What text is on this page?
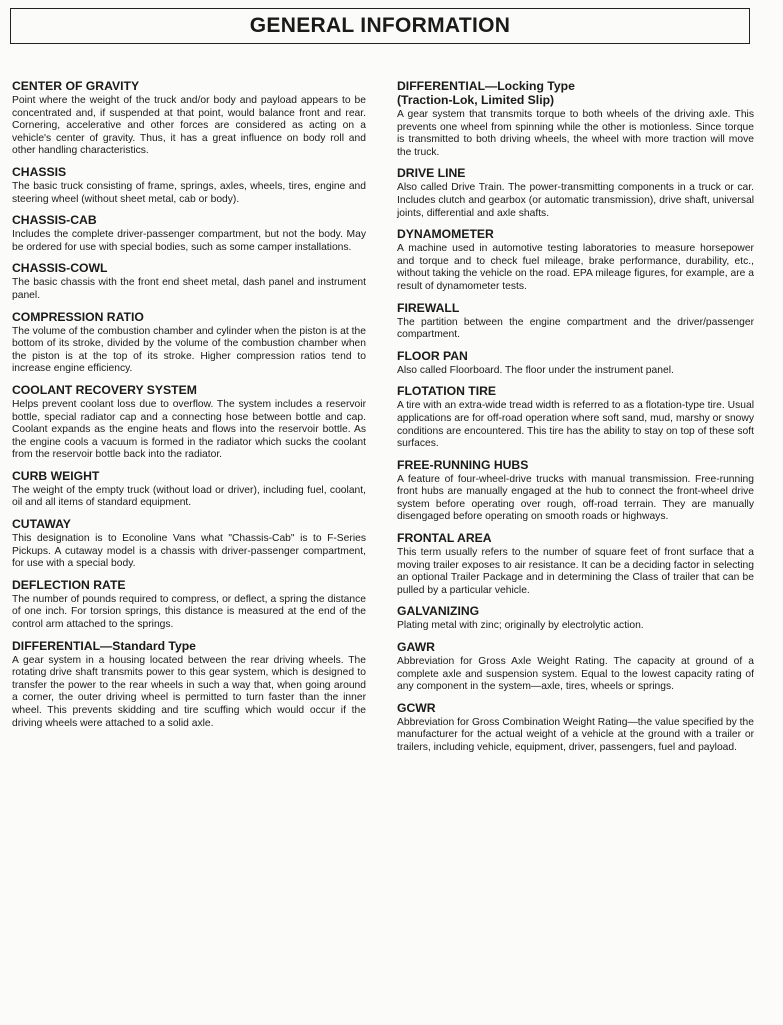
GENERAL INFORMATION
CENTER OF GRAVITY

Point where the weight of the truck and/or body and payload appears to be concentrated and, if suspended at that point, would balance front and rear. Cornering, accelerative and other forces are considered as acting on a vehicle's center of gravity. Thus, it has a great influence on body roll and other handling characteristics.

CHASSIS

The basic truck consisting of frame, springs, axles, wheels, tires, engine and steering wheel (without sheet metal, cab or body).

CHASSIS-CAB

Includes the complete driver-passenger compartment, but not the body. May be ordered for use with special bodies, such as some camper installations.

CHASSIS-COWL

The basic chassis with the front end sheet metal, dash panel and instrument panel.

COMPRESSION RATIO

The volume of the combustion chamber and cylinder when the piston is at the bottom of its stroke, divided by the volume of the combustion chamber when the piston is at the top of its stroke. Higher compression ratios tend to increase engine efficiency.

COOLANT RECOVERY SYSTEM

Helps prevent coolant loss due to overflow. The system includes a reservoir bottle, special radiator cap and a connecting hose between bottle and cap. Coolant expands as the engine heats and flows into the reservoir bottle. As the engine cools a vacuum is formed in the radiator which sucks the coolant from the reservoir bottle back into the radiator.

CURB WEIGHT

The weight of the empty truck (without load or driver), including fuel, coolant, oil and all items of standard equipment.

CUTAWAY

This designation is to Econoline Vans what "Chassis-Cab" is to F-Series Pickups. A cutaway model is a chassis with driver-passenger compartment, for use with a special body.

DEFLECTION RATE

The number of pounds required to compress, or deflect, a spring the distance of one inch. For torsion springs, this distance is measured at the end of the control arm attached to the springs.

DIFFERENTIAL—Standard Type

A gear system in a housing located between the rear driving wheels. The rotating drive shaft transmits power to this gear system, which is designed to transfer the power to the rear wheels in such a way that, when going around a corner, the outer driving wheel is permitted to turn faster than the inner wheel. This prevents skidding and tire scuffing which would occur if the driving wheels were attached to a solid axle.

DIFFERENTIAL—Locking Type
(Traction-Lok, Limited Slip)

A gear system that transmits torque to both wheels of the driving axle. This prevents one wheel from spinning while the other is motionless. Since torque is transmitted to both driving wheels, the wheel with more traction will move the truck.

DRIVE LINE

Also called Drive Train. The power-transmitting components in a truck or car. Includes clutch and gearbox (or automatic transmission), drive shaft, universal joints, differential and axle shafts.

DYNAMOMETER

A machine used in automotive testing laboratories to measure horsepower and torque and to check fuel mileage, brake performance, durability, etc., without taking the vehicle on the road. EPA mileage figures, for example, are a result of dynamometer tests.

FIREWALL

The partition between the engine compartment and the driver/passenger compartment.

FLOOR PAN

Also called Floorboard. The floor under the instrument panel.

FLOTATION TIRE

A tire with an extra-wide tread width is referred to as a flotation-type tire. Usual applications are for off-road operation where soft sand, mud, marshy or snowy conditions are encountered. This tire has the ability to stay on top of these soft surfaces.

FREE-RUNNING HUBS

A feature of four-wheel-drive trucks with manual transmission. Free-running front hubs are manually engaged at the hub to connect the front-wheel drive system before operating over rough, off-road terrain. They are manually disengaged before operating on smooth roads or highways.

FRONTAL AREA

This term usually refers to the number of square feet of front surface that a moving trailer exposes to air resistance. It can be a deciding factor in selecting an optional Trailer Package and in determining the Class of trailer that can be pulled by a particular vehicle.

GALVANIZING

Plating metal with zinc; originally by electrolytic action.

GAWR

Abbreviation for Gross Axle Weight Rating. The capacity at ground of a complete axle and suspension system. Equal to the lowest capacity rating of any component in the system—axle, tires, wheels or springs.

GCWR

Abbreviation for Gross Combination Weight Rating—the value specified by the manufacturer for the actual weight of a vehicle at the ground with a trailer or trailers, including vehicle, equipment, driver, passengers, fuel and payload.
